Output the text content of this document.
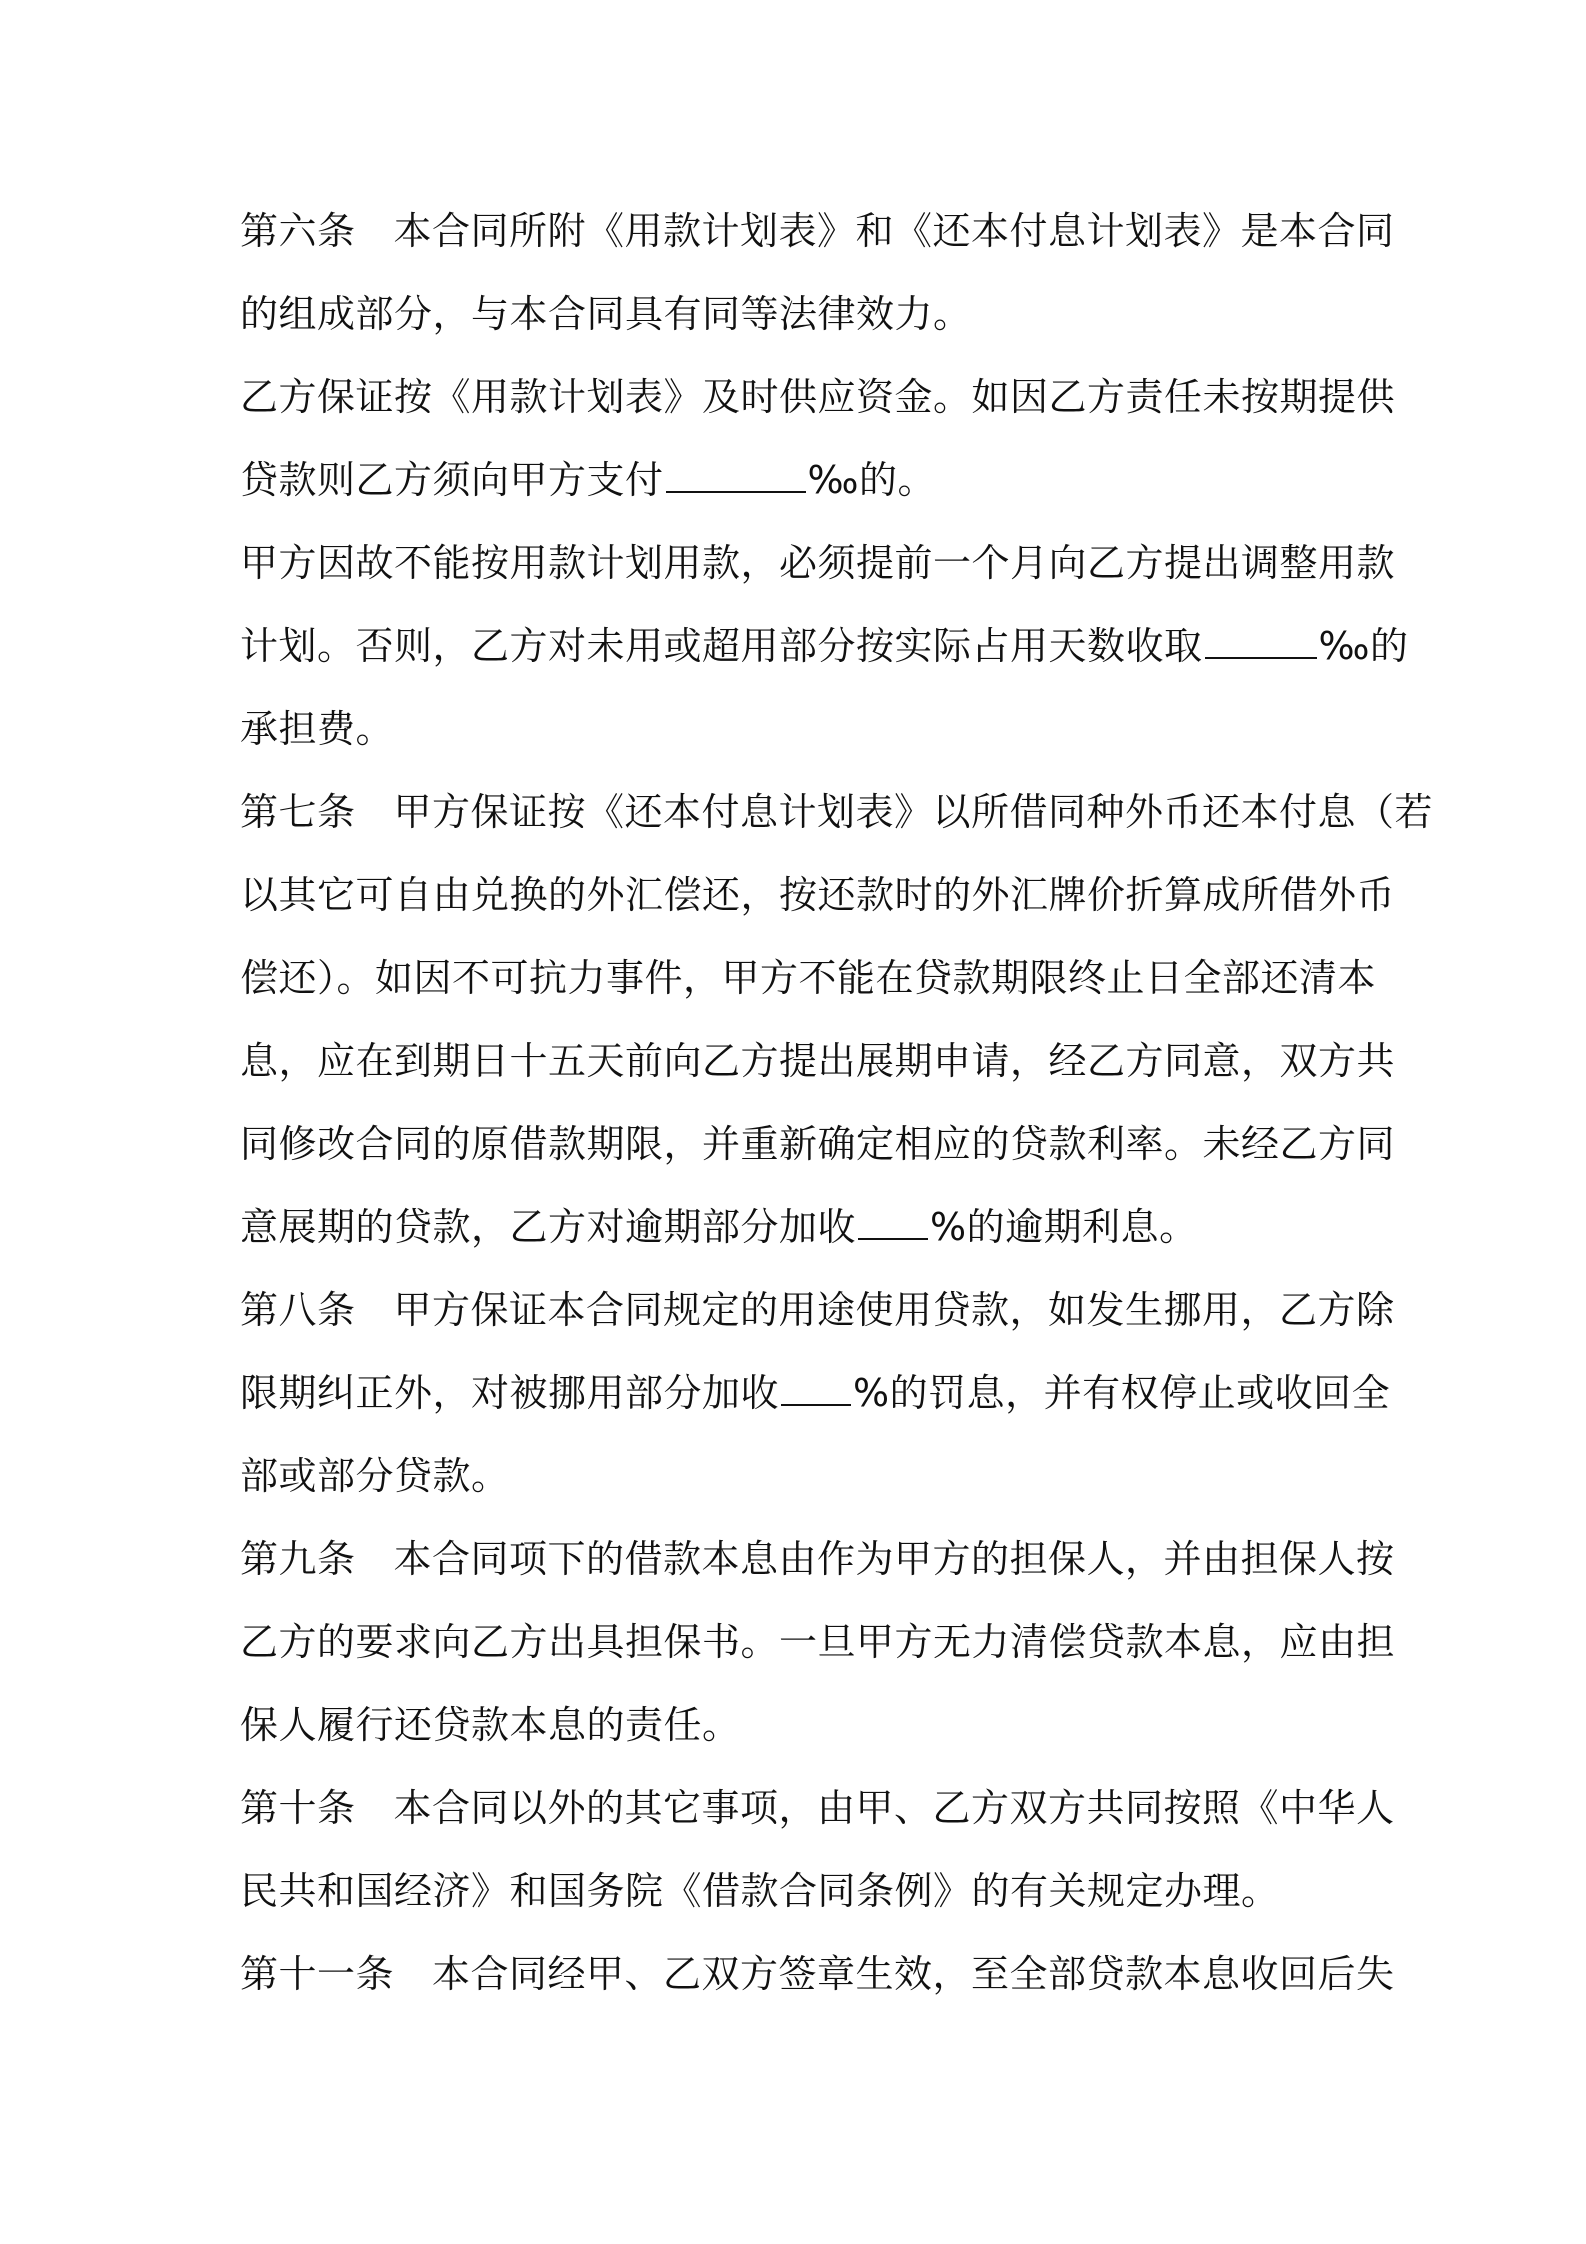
第六条 本合同所附《用款计划表》和《还本付息计划表》是本合同
的组成部分，与本合同具有同等法律效力。
乙方保证按《用款计划表》及时供应资金。如因乙方责任未按期提供
贷款则乙方须向甲方支付	‰的。
甲方因故不能按用款计划用款，必须提前一个月向乙方提出调整用款
计划。否则，乙方对未用或超用部分按实际占用天数收取	‰的
承担费。
第七条 甲方保证按《还本付息计划表》以所借同种外币还本付息（若
以其它可自由兑换的外汇偿还，按还款时的外汇牌价折算成所借外币
偿还）。如因不可抗力事件，甲方不能在贷款期限终止日全部还清本
息，应在到期日十五天前向乙方提出展期申请，经乙方同意，双方共
同修改合同的原借款期限，并重新确定相应的贷款利率。未经乙方同
意展期的贷款，乙方对逾期部分加收 %的逾期利息。
第八条 甲方保证本合同规定的用途使用贷款，如发生挪用，乙方除
限期纠正外，对被挪用部分加收 %的罚息，并有权停止或收回全
部或部分贷款。
第九条 本合同项下的借款本息由作为甲方的担保人，并由担保人按
乙方的要求向乙方出具担保书。一旦甲方无力清偿贷款本息，应由担
保人履行还贷款本息的责任。
第十条 本合同以外的其它事项，由甲、乙方双方共同按照《中华人
民共和国经济》和国务院《借款合同条例》的有关规定办理。
第十一条 本合同经甲、乙双方签章生效，至全部贷款本息收回后失
